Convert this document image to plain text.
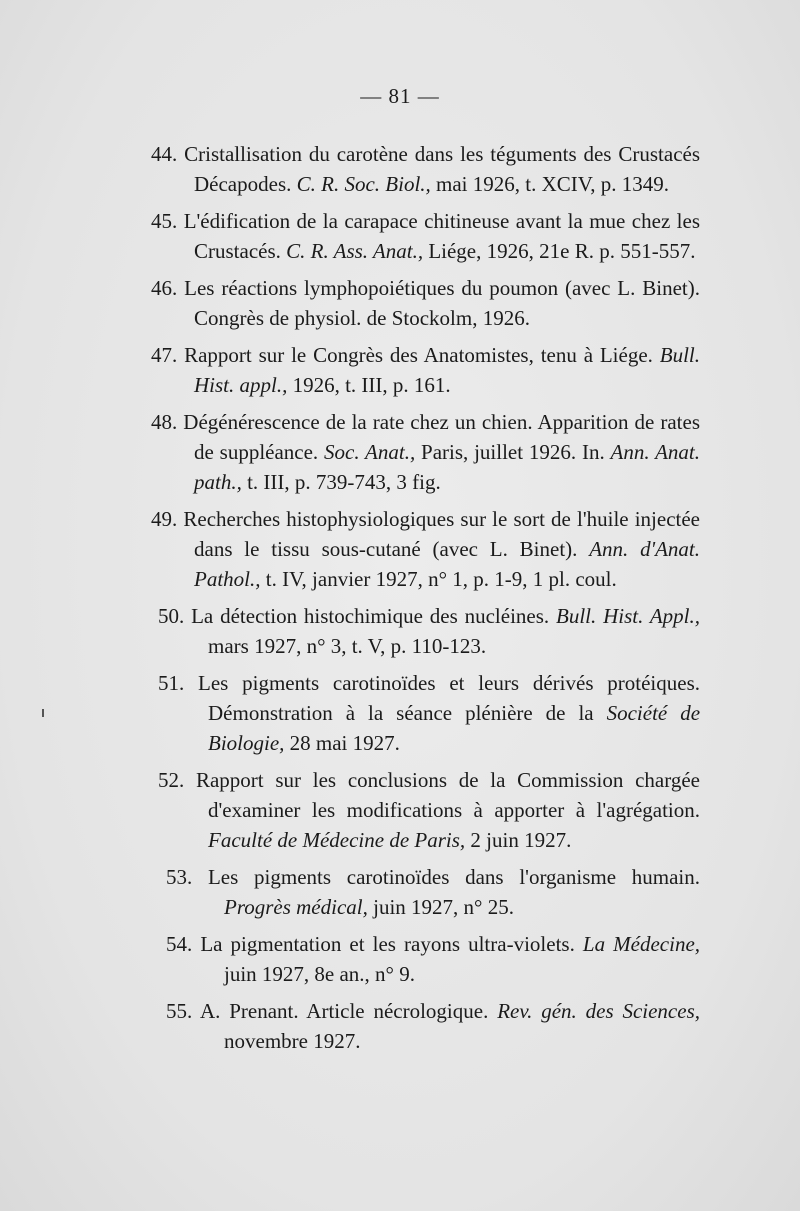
— 81 —
44. Cristallisation du carotène dans les téguments des Crustacés Décapodes. C. R. Soc. Biol., mai 1926, t. XCIV, p. 1349.
45. L'édification de la carapace chitineuse avant la mue chez les Crustacés. C. R. Ass. Anat., Liége, 1926, 21e R. p. 551-557.
46. Les réactions lymphopoiétiques du poumon (avec L. Binet). Congrès de physiol. de Stockolm, 1926.
47. Rapport sur le Congrès des Anatomistes, tenu à Liége. Bull. Hist. appl., 1926, t. III, p. 161.
48. Dégénérescence de la rate chez un chien. Apparition de rates de suppléance. Soc. Anat., Paris, juillet 1926. In. Ann. Anat. path., t. III, p. 739-743, 3 fig.
49. Recherches histophysiologiques sur le sort de l'huile injectée dans le tissu sous-cutané (avec L. Binet). Ann. d'Anat. Pathol., t. IV, janvier 1927, n° 1, p. 1-9, 1 pl. coul.
50. La détection histochimique des nucléines. Bull. Hist. Appl., mars 1927, n° 3, t. V, p. 110-123.
51. Les pigments carotinoïdes et leurs dérivés protéiques. Démonstration à la séance plénière de la Société de Biologie, 28 mai 1927.
52. Rapport sur les conclusions de la Commission chargée d'examiner les modifications à apporter à l'agrégation. Faculté de Médecine de Paris, 2 juin 1927.
53. Les pigments carotinoïdes dans l'organisme humain. Progrès médical, juin 1927, n° 25.
54. La pigmentation et les rayons ultra-violets. La Médecine, juin 1927, 8e an., n° 9.
55. A. Prenant. Article nécrologique. Rev. gén. des Sciences, novembre 1927.
